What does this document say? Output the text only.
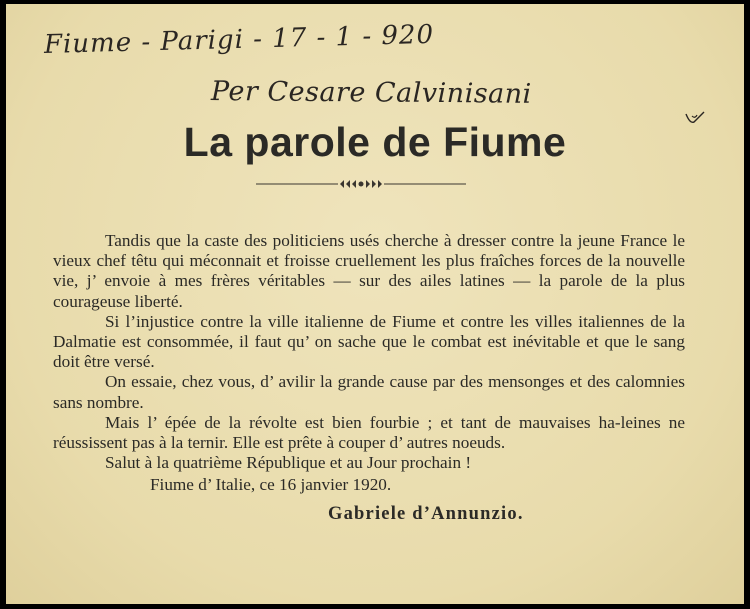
Fiume - Parigi - 17 - 1 - 920
Per Cesare Calvinisani
La parole de Fiume

Tandis que la caste des politiciens usés cherche à dresser contre la jeune France le vieux chef têtu qui méconnait et froisse cruellement les plus fraîches forces de la nouvelle vie, j’ envoie à mes frères véritables — sur des ailes latines — la parole de la plus courageuse liberté.

Si l’injustice contre la ville italienne de Fiume et contre les villes italiennes de la Dalmatie est consommée, il faut qu’ on sache que le combat est inévitable et que le sang doit être versé.

On essaie, chez vous, d’ avilir la grande cause par des mensonges et des calomnies sans nombre.

Mais l’ épée de la révolte est bien fourbie ; et tant de mauvaises ha-leines ne réussissent pas à la ternir. Elle est prête à couper d’ autres noeuds.

Salut à la quatrième République et au Jour prochain !

Fiume d’ Italie, ce 16 janvier 1920.
Gabriele d’Annunzio.
